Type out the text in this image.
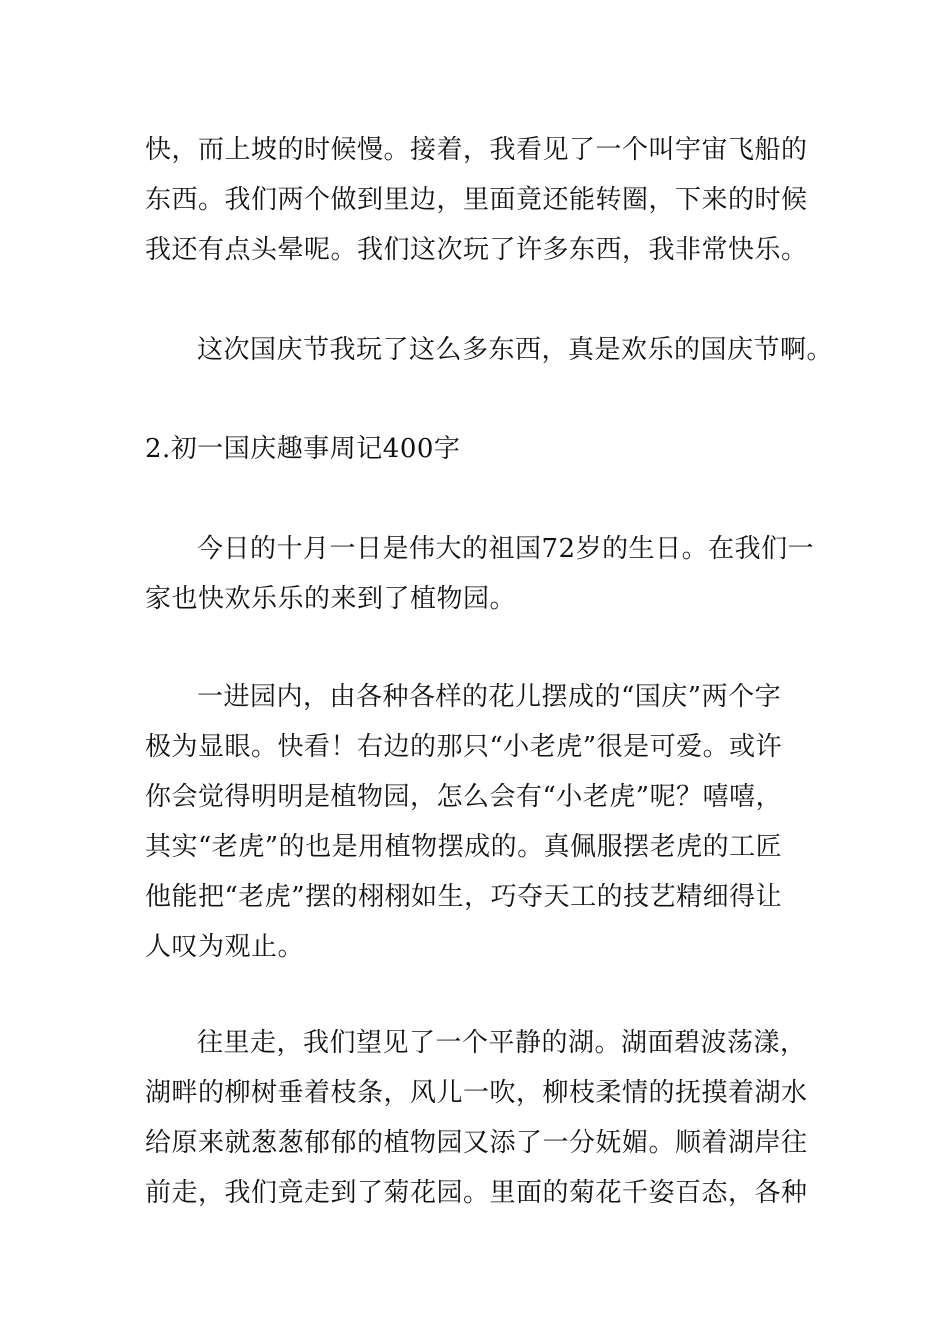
快，而上坡的时候慢。接着，我看见了一个叫宇宙飞船的
东西。我们两个做到里边，里面竟还能转圈，下来的时候
我还有点头晕呢。我们这次玩了许多东西，我非常快乐。
这次国庆节我玩了这么多东西，真是欢乐的国庆节啊。
2.初一国庆趣事周记400字
今日的十月一日是伟大的祖国72岁的生日。在我们一
家也快欢乐乐的来到了植物园。
一进园内，由各种各样的花儿摆成的“国庆”两个字
极为显眼。快看！右边的那只“小老虎”很是可爱。或许
你会觉得明明是植物园，怎么会有“小老虎”呢？嘻嘻，
其实“老虎”的也是用植物摆成的。真佩服摆老虎的工匠
他能把“老虎”摆的栩栩如生，巧夺天工的技艺精细得让
人叹为观止。
往里走，我们望见了一个平静的湖。湖面碧波荡漾，
湖畔的柳树垂着枝条，风儿一吹，柳枝柔情的抚摸着湖水
给原来就葱葱郁郁的植物园又添了一分妩媚。顺着湖岸往
前走，我们竟走到了菊花园。里面的菊花千姿百态，各种
